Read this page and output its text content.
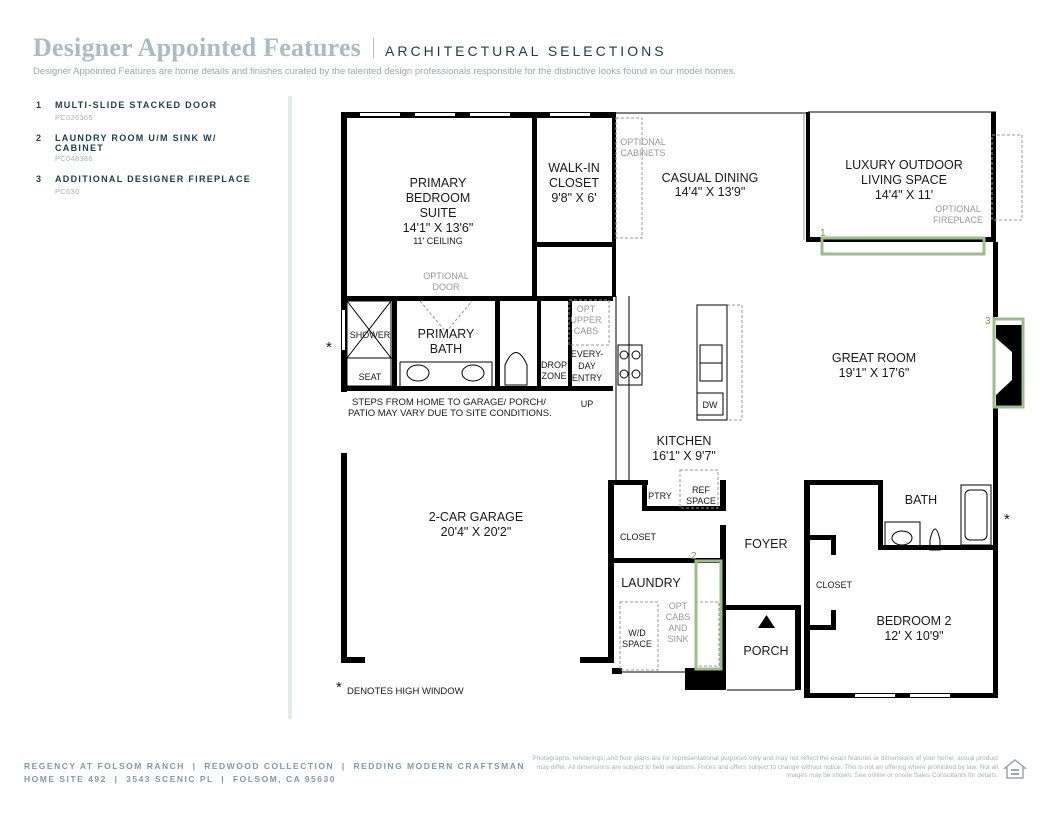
Designer Appointed Features ARCHITECTURAL SELECTIONS
Designer Appointed Features are home details and finishes curated by the talented design professionals responsible for the distinctive looks found in our model homes.
1	MULTI-SLIDE STACKED DOOR
PC026365
2	LAUNDRY ROOM U/M SINK W/ CABINET
PC048386
3	ADDITIONAL DESIGNER FIREPLACE
PC630
1
3
2
PRIMARY
BEDROOM
SUITE
14'1" X 13'6"
WALK-IN
CLOSET
9'8" X 6'
CASUAL DINING
14'4" X 13'9"
LUXURY OUTDOOR
LIVING SPACE
14'4" X 11'
PRIMARY
BATH
GREAT ROOM
19'1" X 17'6"
KITCHEN
16'1" X 9'7"
2-CAR GARAGE
20'4" X 20'2"
BATH
FOYER
LAUNDRY
BEDROOM 2
12' X 10'9"
PORCH
11' CEILING
SHOWER
SEAT
DROP
ZONE
EVERY-
DAY
ENTRY
UP	DW
PTRY
REF
SPACE
CLOSET
CLOSET
W/D
SPACE
OPTIONAL
DOOR
OPTIONAL
CABINETS
OPTIONAL
FIREPLACE
OPT
UPPER
CABS
OPT
CABS
AND
SINK
STEPS FROM HOME TO GARAGE/ PORCH/
PATIO MAY VARY DUE TO SITE CONDITIONS.
DENOTES HIGH WINDOW
*
*
*
REGENCY AT FOLSOM RANCH  |  REDWOOD COLLECTION  |  REDDING MODERN CRAFTSMAN
HOME SITE 492  |  3543 SCENIC PL  |  FOLSOM, CA 95630
Photographs, renderings, and floor plans are for representational purposes only and may not reflect the exact features or dimensions of your home; actual product may differ. All dimensions are subject to field variations. Prices and offers subject to change without notice. This is not an offering where prohibited by law. Not all images may be shown. See online or onsite Sales Consultants for details.
